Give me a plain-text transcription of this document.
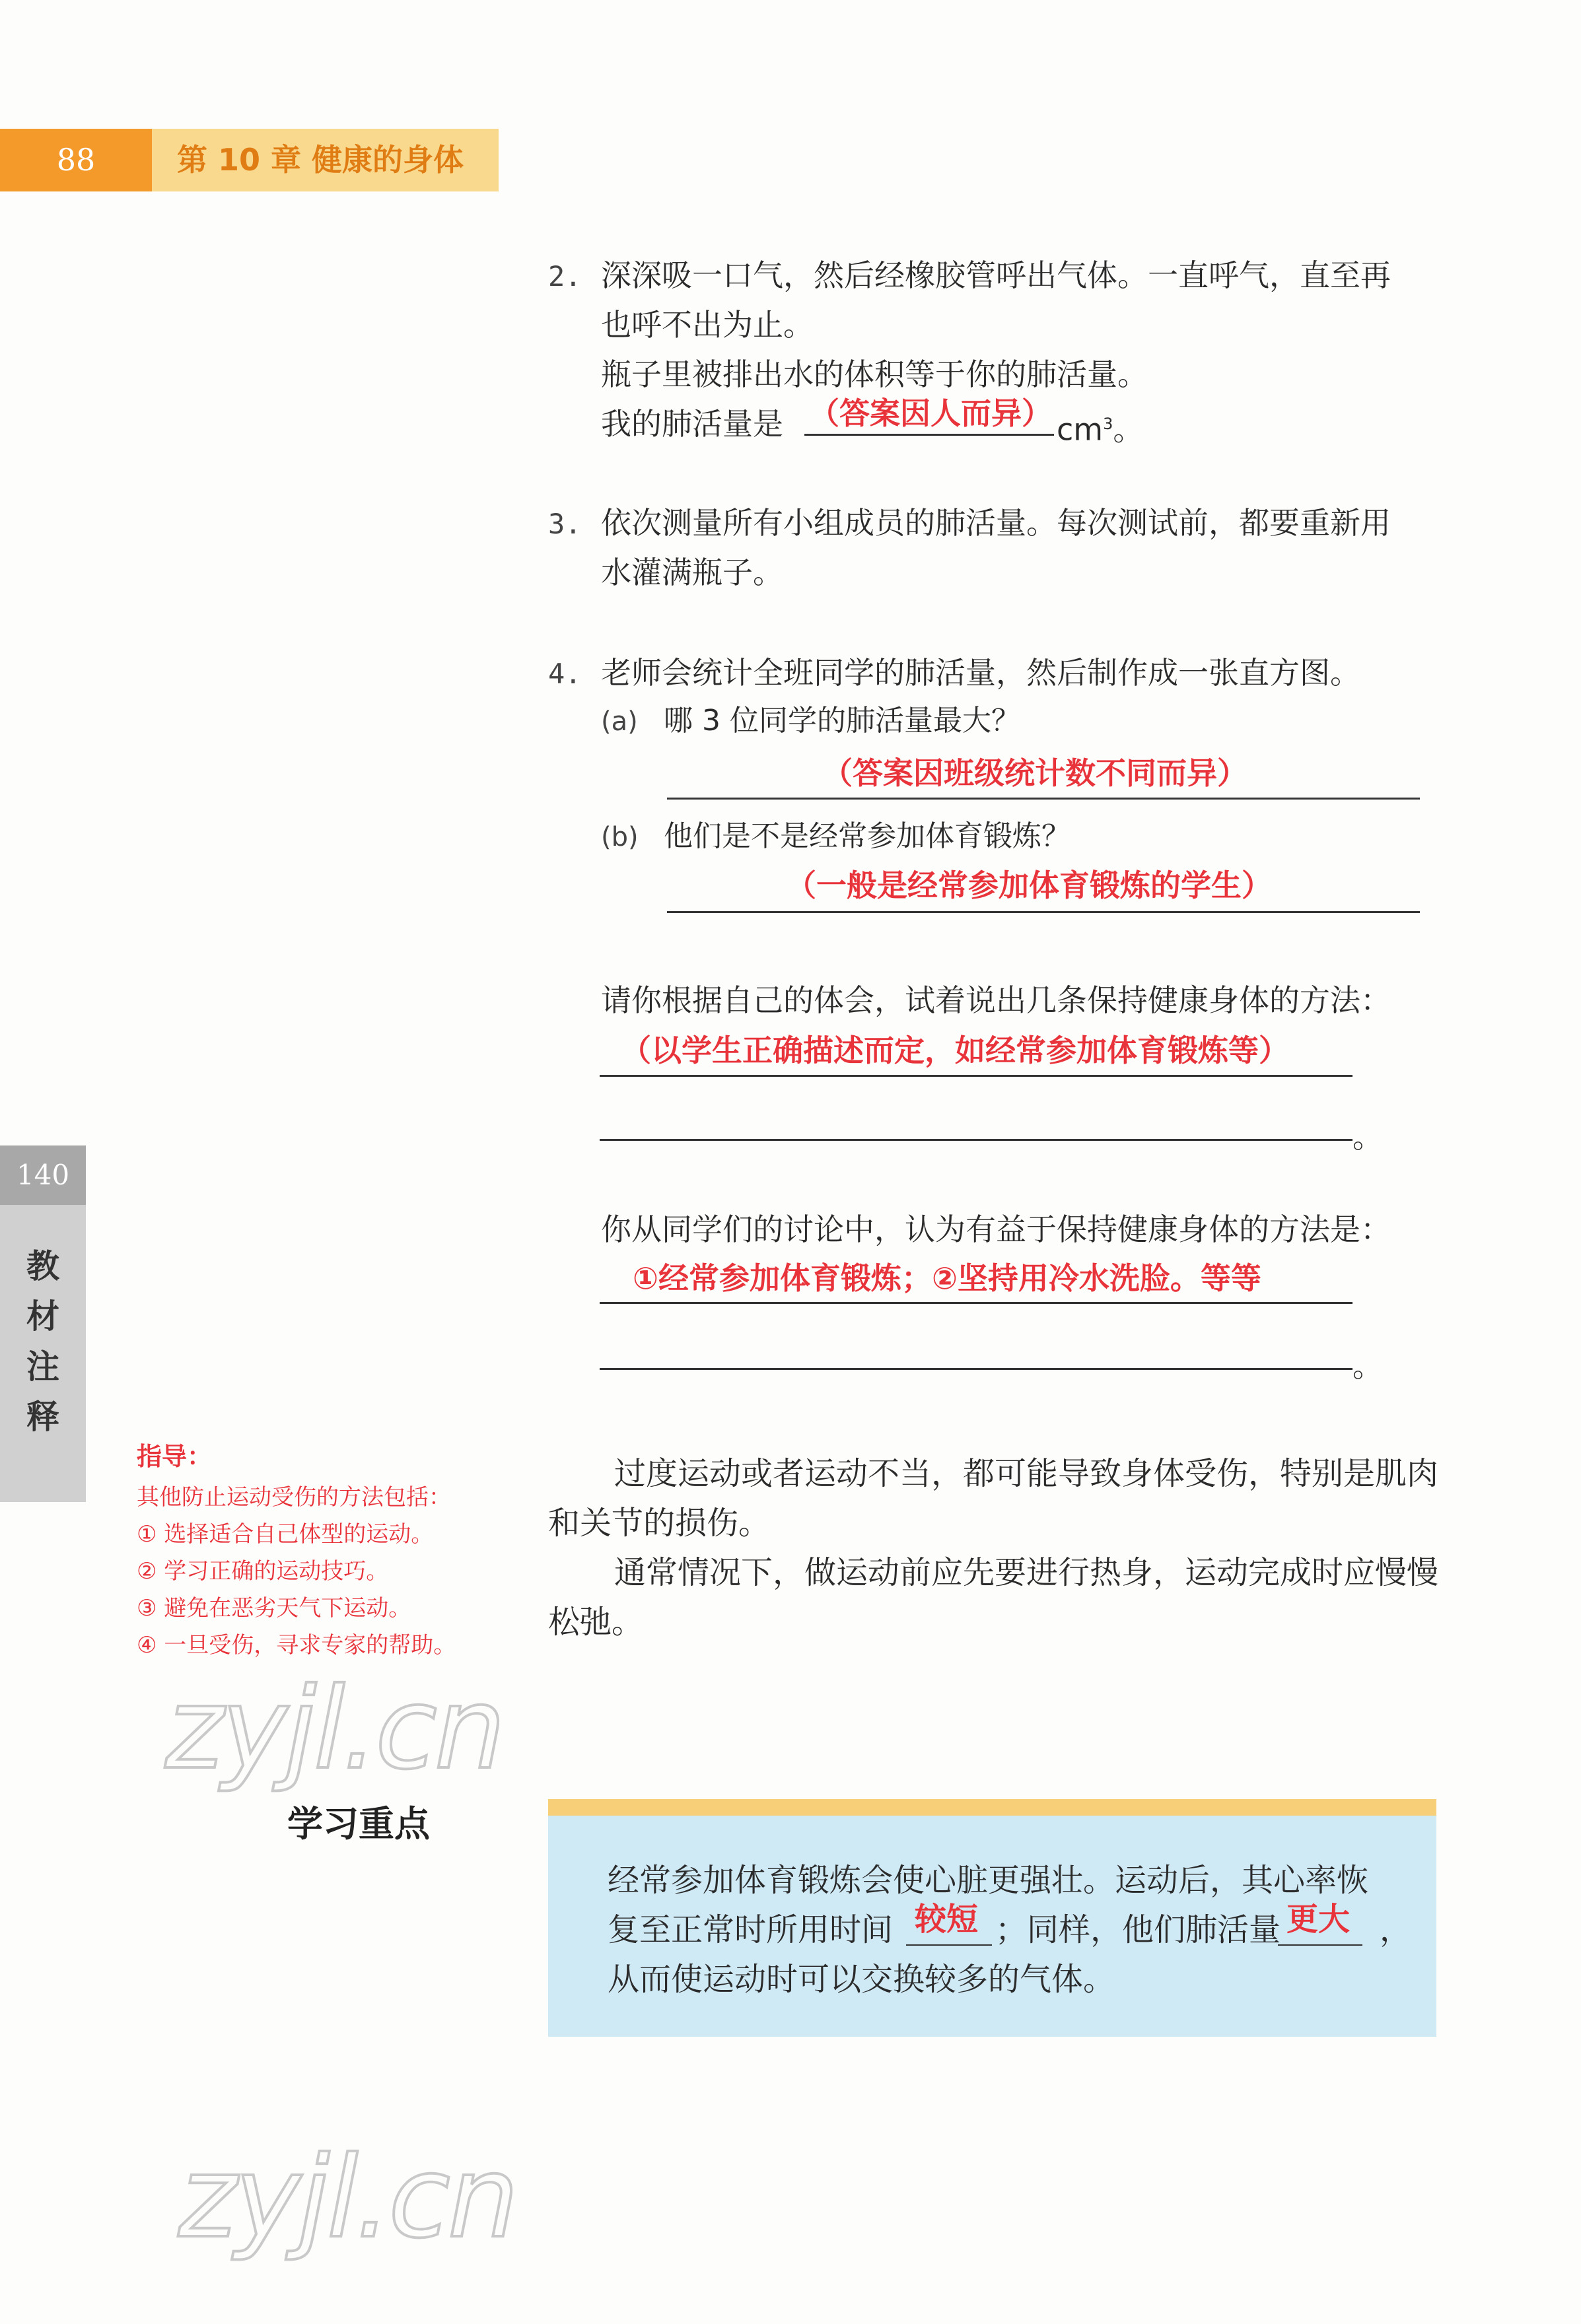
88	第 10 章 健康的身体
140
教
材
注
释
2. 深深吸一口气，然后经橡胶管呼出气体。一直呼气，直至再
也呼不出为止。
瓶子里被排出水的体积等于你的肺活量。
我的肺活量是 （答案因人而异） $cm^3$。
3. 依次测量所有小组成员的肺活量。每次测试前，都要重新用
水灌满瓶子。
4. 老师会统计全班同学的肺活量，然后制作成一张直方图。
(a) 哪 3 位同学的肺活量最大？
（答案因班级统计数不同而异）
(b) 他们是不是经常参加体育锻炼？
（一般是经常参加体育锻炼的学生）
请你根据自己的体会，试着说出几条保持健康身体的方法：
（以学生正确描述而定，如经常参加体育锻炼等）
。
你从同学们的讨论中，认为有益于保持健康身体的方法是：
①经常参加体育锻炼；②坚持用冷水洗脸。等等
。
过度运动或者运动不当，都可能导致身体受伤，特别是肌肉
和关节的损伤。
通常情况下，做运动前应先要进行热身，运动完成时应慢慢
松弛。
指导：
其他防止运动受伤的方法包括：
① 选择适合自己体型的运动。
② 学习正确的运动技巧。
③ 避免在恶劣天气下运动。
④ 一旦受伤，寻求专家的帮助。
zyjl.cn
zyjl.cn
学习重点
经常参加体育锻炼会使心脏更强壮。运动后，其心率恢
复至正常时所用时间	；同样，他们肺活量	，
较短	更大
从而使运动时可以交换较多的气体。
